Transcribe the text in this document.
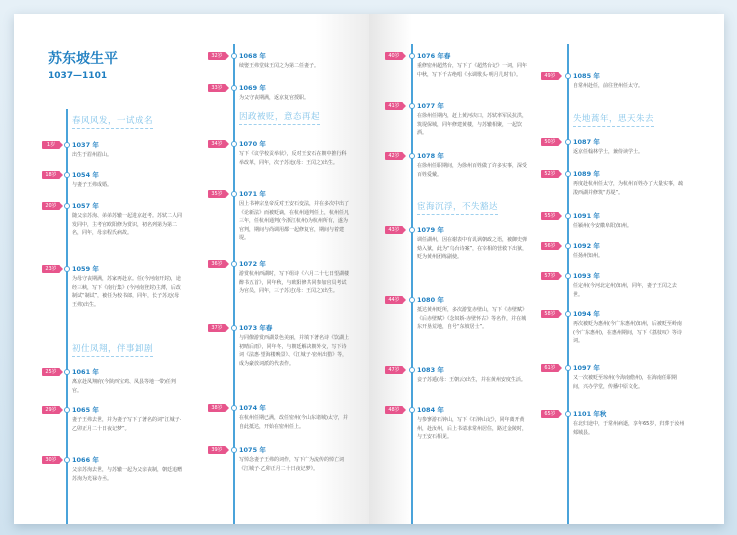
苏东坡生平
1037—1101
春风风发，一试成名
1岁	1037 年
出生于眉州眉山。
18岁	1054 年
与妻子王弗成婚。
20岁	1057 年
随父亲苏洵、弟弟苏辙一起进京赶考。苏轼二人同发同中，主考官欧阳修为赏识，初名列第为第二名，同年，母亲程氏病故。
23岁	1059 年
为母守丧期满，苏家再赴京。任(今河南开封)，途经三峡，写下《南行集》(今河南登封)主薄，后改制试“制试”，被任为校书郎，同年，长子苏迈(母王弗)出生。
初仕凤翔，伴事卸剧
25岁	1061 年
离京赴凤翔府(今陕西宝鸡、凤县等地一带)任判官。
29岁	1065 年
妻子王弗去世，并为妻子写下了著名的词“江城子·乙卯正月二十日夜记梦”。
30岁	1066 年
父亲苏洵去世，与苏辙一起为父亲丧制，朝廷追赠苏洵为光禄寺丞。
32岁	1068 年
续娶王弗堂妹王闰之为第二任妻子。
33岁	1069 年
为父守丧期满，返京复官授职。
因政被贬，意态再起
34岁	1070 年
写下《议学校贡举状》，反对王安石在朝中推行科举改革，同年，次子苏迨(母：王闰之)出生。
35岁	1071 年
因上书神宗皇帝反对王安石变法，并在多次中出了《论新法》而被贬谪，在杭州通判任上，杭州任凡三年，任杭州通判(今浙江杭州)为杭州所有，遂为官判，期间与尚调用都一起修复官，期间与着建堤。
36岁	1072 年
游赏杭州西湖时，写下组诗《六月二十七日望湖楼醉书五首》，同年秋，与欧阳修共同参加官员考试为官员，同年，三子苏过(母：王闰之)出生。
37岁	1073 年春
与同僚游赏西湖景色美丽，并填下著名诗《饮湖上初晴后雨》，同年冬，与朝廷解决朝外交，写下诗词《法惠·望海楼晚景》、《江城子·密州出猎》等，成为豪放词派的代表作。
38岁	1074 年
在杭州任期已满，改任密州(今山东诸城)太守，并自此抵达，开始在密州任上。
39岁	1075 年
写悼念妻子王弗的词作，写下广为流传的悼亡词《江城子·乙卯正月二十日夜记梦》。
40岁	1076 年春
重修密州超然台，写下了《超然台记》一词，同年中秋，写下千古绝唱《水调歌头·明月几时有》。
41岁	1077 年
在徐州任期内，赶上黄河决口，苏轼率军民抗洪，筑堤保城，同年修建黄楼，与苏辙相聚，一起饮酒。
42岁	1078 年
在徐州任职期间，为徐州百姓做了许多实事，深受百姓爱戴。
宦海沉浮，不失豁达
43岁	1079 年
调任湖州，因在谢表中有讥讽朝政之语，被御史弹劾入狱，此为“乌台诗案”，在宰相的营救下出狱，贬为黄州团练副使。
44岁	1080 年
抵达黄州贬所，多次游览赤壁山，写下《赤壁赋》《后赤壁赋》《念奴娇·赤壁怀古》等名作，并在城东开垦荒地，自号“东坡居士”。
47岁	1083 年
妾子苏遁(母：王朝云)出生，并在黄州安度生活。
48岁	1084 年
与参寥游石钟山，写下《石钟山记》，同年离开黄州，赴汝州，后上书请求常州居住，路过金陵时，与王安石相见。
49岁	1085 年
自常州赴任，前往登州任太守。
失地蒿年，思天朱去
50岁	1087 年
返京任翰林学士，兼侍读学士。
52岁	1089 年
再度赴杭州任太守，为杭州百姓办了大量实事，疏浚西湖并修筑“苏堤”。
55岁	1091 年
任颍州(今安徽阜阳)知州。
56岁	1092 年
任扬州知州。
57岁	1093 年
任定州(今河北定州)知州，同年，妻子王闰之去世。
58岁	1094 年
再次被贬为惠州(今广东惠州)知州，后被贬至岭南(今广东惠州)，在惠州期间，写下《荔枝叹》等诗词。
61岁	1097 年
又一次被贬至琼州(今海南儋州)，在海南任职期间，兴办学堂，传播中原文化。
65岁	1101 年秋
在北归途中，于常州病逝，享年65岁，归葬于汝州郏城县。
